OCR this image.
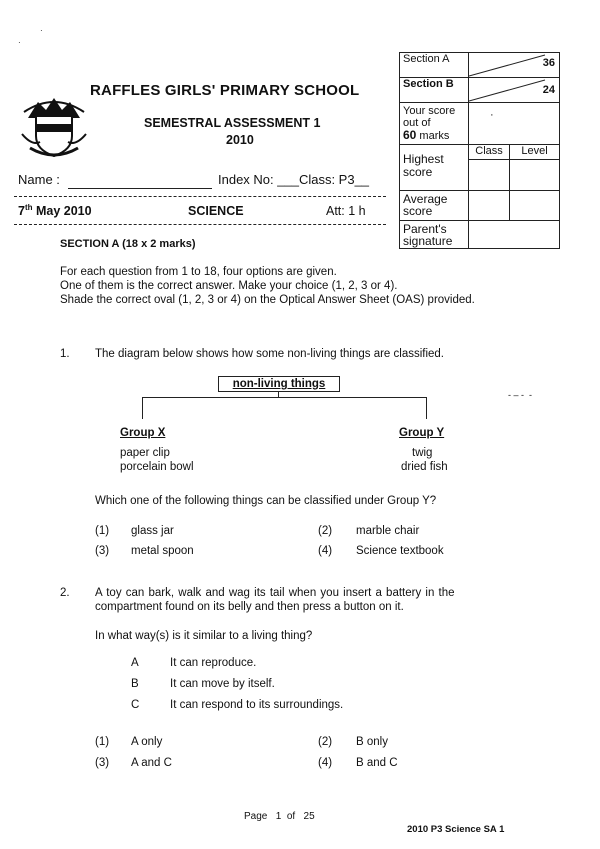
·
·
- ‒ -  -
RAFFLES GIRLS' PRIMARY SCHOOL
SEMESTRAL ASSESSMENT 1
2010
Name :	Index No: ___Class: P3__
7th May 2010	SCIENCE	Att: 1 h
Section A	36	

Section B	24	

Your score
out of
60 marks	·	

Highest
score	Class	Level

Average
score		

Parent's
signature		

SECTION A (18 x 2 marks)
For each question from 1 to 18, four options are given.
One of them is the correct answer. Make your choice (1, 2, 3 or 4).
Shade the correct oval (1, 2, 3 or 4) on the Optical Answer Sheet (OAS) provided.
1. The diagram below shows how some non-living things are classified.
non-living things
Group X
paper clip
porcelain bowl
Group Y
twig
dried fish
Which one of the following things can be classified under Group Y?
(1) glass jar	(2) marble chair
(3) metal spoon	(4) Science textbook
2. A toy can bark, walk and wag its tail when you insert a battery in the
compartment found on its belly and then press a button on it.
In what way(s) is it similar to a living thing?
A	It can reproduce.
B	It can move by itself.
C	It can respond to its surroundings.
(1) A only	(2) B only
(3) A and C	(4) B and C
Page 1 of 25
2010 P3 Science SA 1
